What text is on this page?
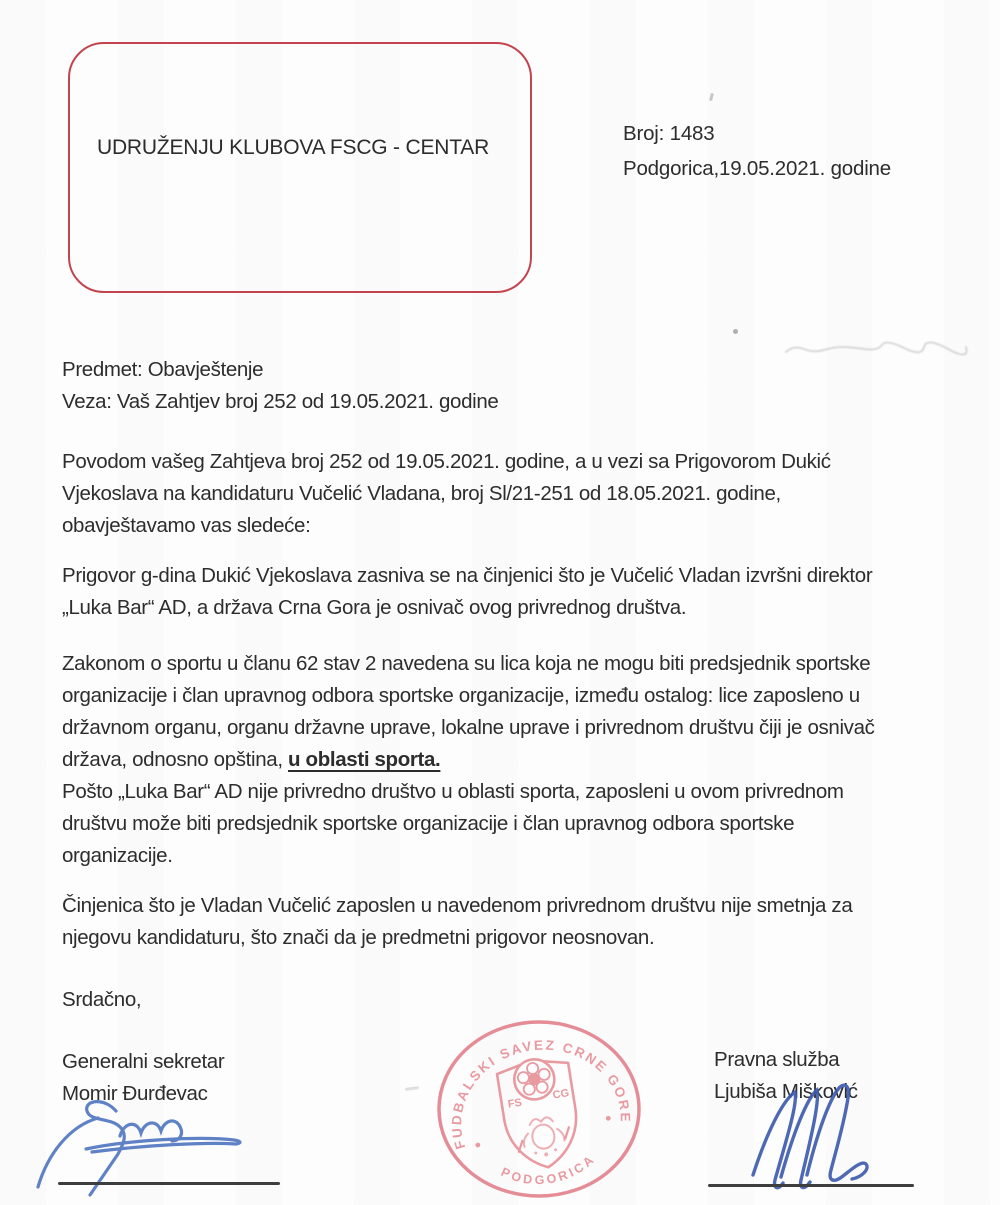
UDRUŽENJU KLUBOVA FSCG - CENTAR
Broj: 1483
Podgorica,19.05.2021. godine
Predmet: Obavještenje
Veza: Vaš Zahtjev broj 252 od 19.05.2021. godine
Povodom vašeg Zahtjeva broj 252 od 19.05.2021. godine, a u vezi sa Prigovorom Dukić
Vjekoslava na kandidaturu Vučelić Vladana, broj Sl/21-251 od 18.05.2021. godine,
obavještavamo vas sledeće:
Prigovor g-dina Dukić Vjekoslava zasniva se na činjenici što je Vučelić Vladan izvršni direktor
„Luka Bar“ AD, a država Crna Gora je osnivač ovog privrednog društva.
Zakonom o sportu u članu 62 stav 2 navedena su lica koja ne mogu biti predsjednik sportske
organizacije i član upravnog odbora sportske organizacije, između ostalog: lice zaposleno u
državnom organu, organu državne uprave, lokalne uprave i privrednom društvu čiji je osnivač
država, odnosno opština, u oblasti sporta.
Pošto „Luka Bar“ AD nije privredno društvo u oblasti sporta, zaposleni u ovom privrednom
društvu može biti predsjednik sportske organizacije i član upravnog odbora sportske
organizacije.
Činjenica što je Vladan Vučelić zaposlen u navedenom privrednom društvu nije smetnja za
njegovu kandidaturu, što znači da je predmetni prigovor neosnovan.
Srdačno,
Generalni sekretar
Momir Đurđevac
Pravna služba
Ljubiša Mišković
FUDBALSKI SAVEZ CRNE GORE
PODGORICA
FS
CG
